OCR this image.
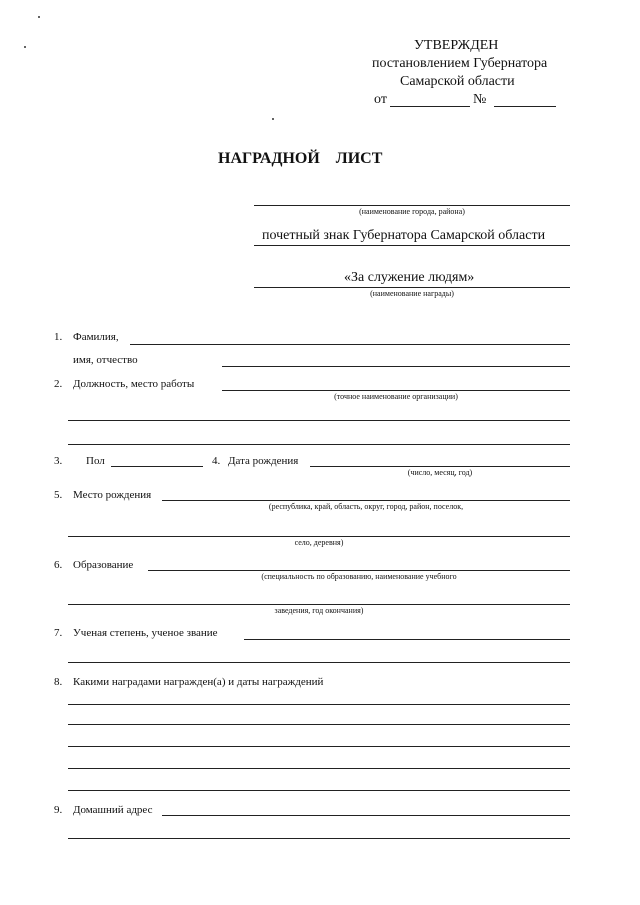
УТВЕРЖДЕН
постановлением Губернатора
Самарской области
от	№
НАГРАДНОЙ    ЛИСТ
(наименование города, района)
почетный знак Губернатора Самарской области
«За служение людям»
(наименование награды)
1. Фамилия,
имя, отчество
2. Должность, место работы
(точное наименование организации)
3. Пол	4. Дата рождения
(число, месяц, год)
5. Место рождения
(республика, край, область, округ, город, район, поселок,
село, деревня)
6. Образование
(специальность по образованию, наименование учебного
заведения, год окончания)
7. Ученая степень, ученое звание
8. Какими наградами награжден(а) и даты награждений
9. Домашний адрес
